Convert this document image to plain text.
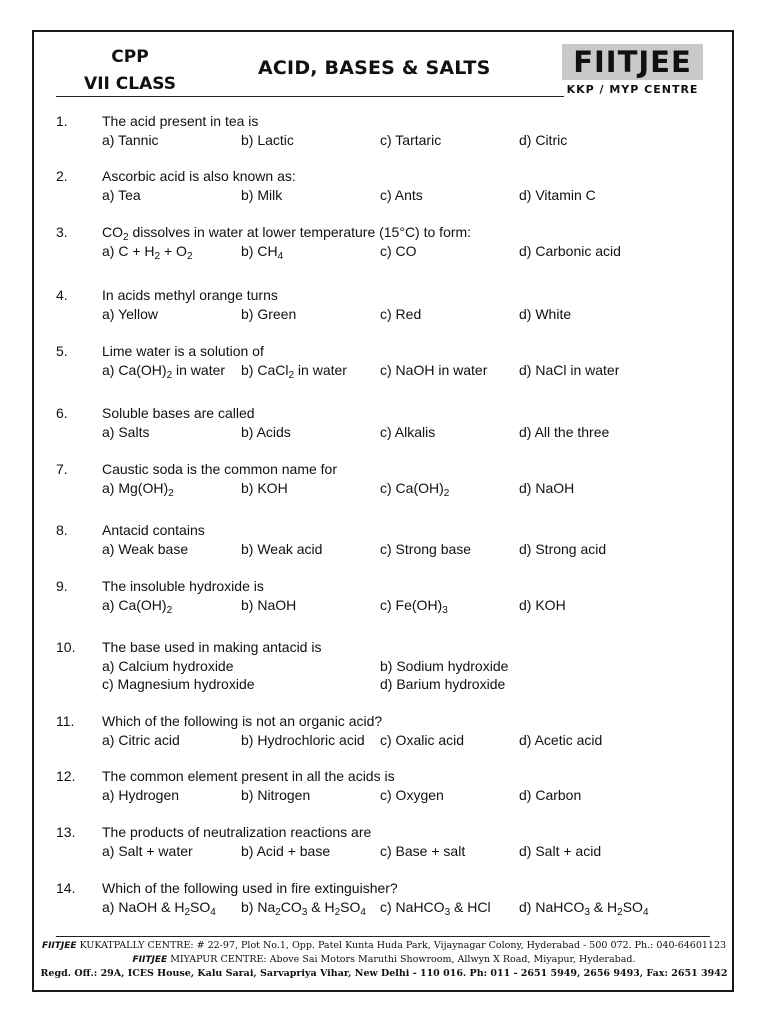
CPP
VII CLASS
ACID, BASES & SALTS	FIITJEE
KKP / MYP CENTRE
1. The acid present in tea is
a) Tannic	b) Lactic	c) Tartaric	d) Citric
2. Ascorbic acid is also known as:
a) Tea	b) Milk	c) Ants	d) Vitamin C
3. $CO_2$ dissolves in water at lower temperature (15°C) to form:
a) $C + H_2 + O_2$	b) $CH_4$	c) CO	d) Carbonic acid
4. In acids methyl orange turns
a) Yellow	b) Green	c) Red	d) White
5. Lime water is a solution of
a) $Ca(OH)_2$ in water b) CaCl$_2$ in water c) NaOH in water d) NaCl in water
6. Soluble bases are called
a) Salts	b) Acids	c) Alkalis	d) All the three
7. Caustic soda is the common name for
a) $Mg(OH)_2$	b) KOH	c) $Ca(OH)_2$	d) NaOH
8. Antacid contains
a) Weak base	b) Weak acid	c) Strong base	d) Strong acid
9. The insoluble hydroxide is
a) $Ca(OH)_2$	b) NaOH	c) $Fe(OH)_3$	d) KOH
10. The base used in making antacid is
a) Calcium hydroxide	b) Sodium hydroxide
c) Magnesium hydroxide	d) Barium hydroxide
11. Which of the following is not an organic acid?
a) Citric acid	b) Hydrochloric acid c) Oxalic acid	d) Acetic acid
12. The common element present in all the acids is
a) Hydrogen	b) Nitrogen	c) Oxygen	d) Carbon
13. The products of neutralization reactions are
a) Salt + water	b) Acid + base	c) Base + salt	d) Salt + acid
14. Which of the following used in fire extinguisher?
a) NaOH & $H_2SO_4$ b) $Na_2CO_3$ & $H_2SO_4$ c) NaHCO$_3$ & HCl d) NaHCO$_3$ & $H_2SO_4$
FIITJEE KUKATPALLY CENTRE: # 22-97, Plot No.1, Opp. Patel Kunta Huda Park, Vijaynagar Colony, Hyderabad - 500 072. Ph.: 040-64601123
FIITJEE MIYAPUR CENTRE: Above Sai Motors Maruthi Showroom, Allwyn X Road, Miyapur, Hyderabad.
Regd. Off.: 29A, ICES House, Kalu Sarai, Sarvapriya Vihar, New Delhi - 110 016. Ph: 011 - 2651 5949, 2656 9493, Fax: 2651 3942
